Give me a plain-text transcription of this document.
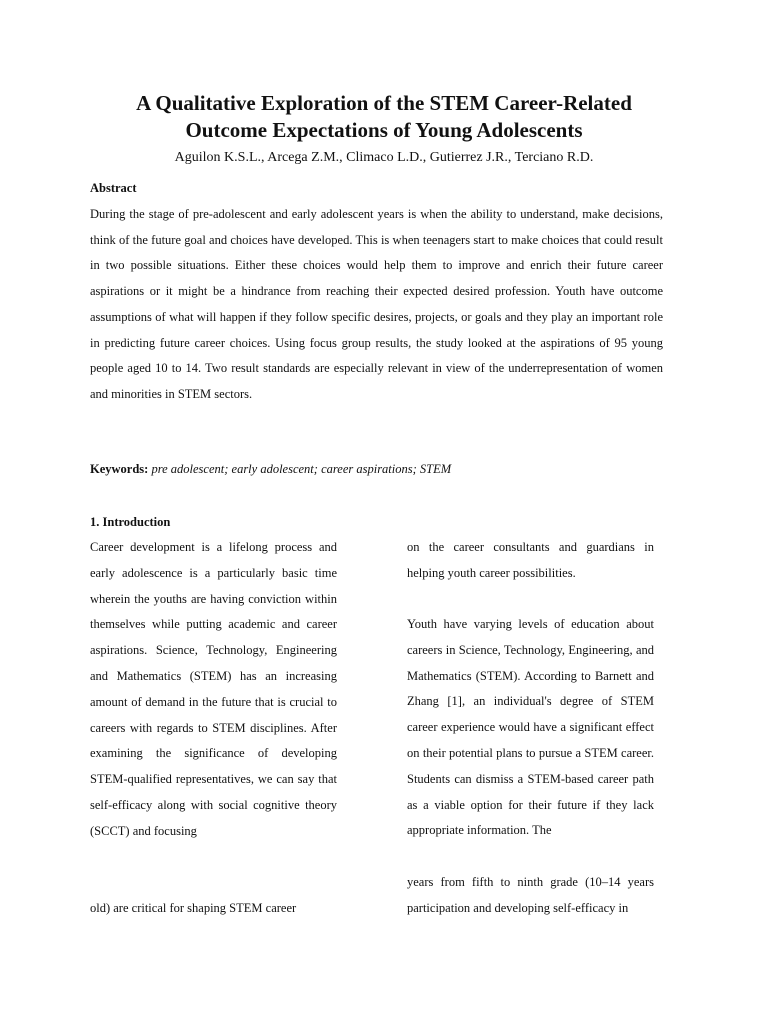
A Qualitative Exploration of the STEM Career-Related
Outcome Expectations of Young Adolescents

Aguilon K.S.L., Arcega Z.M., Climaco L.D., Gutierrez J.R., Terciano R.D.

Abstract

During the stage of pre-adolescent and early adolescent years is when the ability to understand, make decisions, think of the future goal and choices have developed. This is when teenagers start to make choices that could result in two possible situations. Either these choices would help them to improve and enrich their future career aspirations or it might be a hindrance from reaching their expected desired profession. Youth have outcome assumptions of what will happen if they follow specific desires, projects, or goals and they play an important role in predicting future career choices. Using focus group results, the study looked at the aspirations of 95 young people aged 10 to 14. Two result standards are especially relevant in view of the underrepresentation of women and minorities in STEM sectors.

Keywords: pre adolescent; early adolescent; career aspirations; STEM

1. Introduction

Career development is a lifelong process and early adolescence is a particularly basic time wherein the youths are having conviction within themselves while putting academic and career aspirations. Science, Technology, Engineering and Mathematics (STEM) has an increasing amount of demand in the future that is crucial to careers with regards to STEM disciplines. After examining the significance of developing STEM-qualified representatives, we can say that self-efficacy along with social cognitive theory (SCCT) and focusing

old) are critical for shaping STEM career

on the career consultants and guardians in helping youth career possibilities.

Youth have varying levels of education about careers in Science, Technology, Engineering, and Mathematics (STEM). According to Barnett and Zhang [1], an individual's degree of STEM career experience would have a significant effect on their potential plans to pursue a STEM career. Students can dismiss a STEM-based career path as a viable option for their future if they lack appropriate information. The

years from fifth to ninth grade (10–14 years participation and developing self-efficacy in
